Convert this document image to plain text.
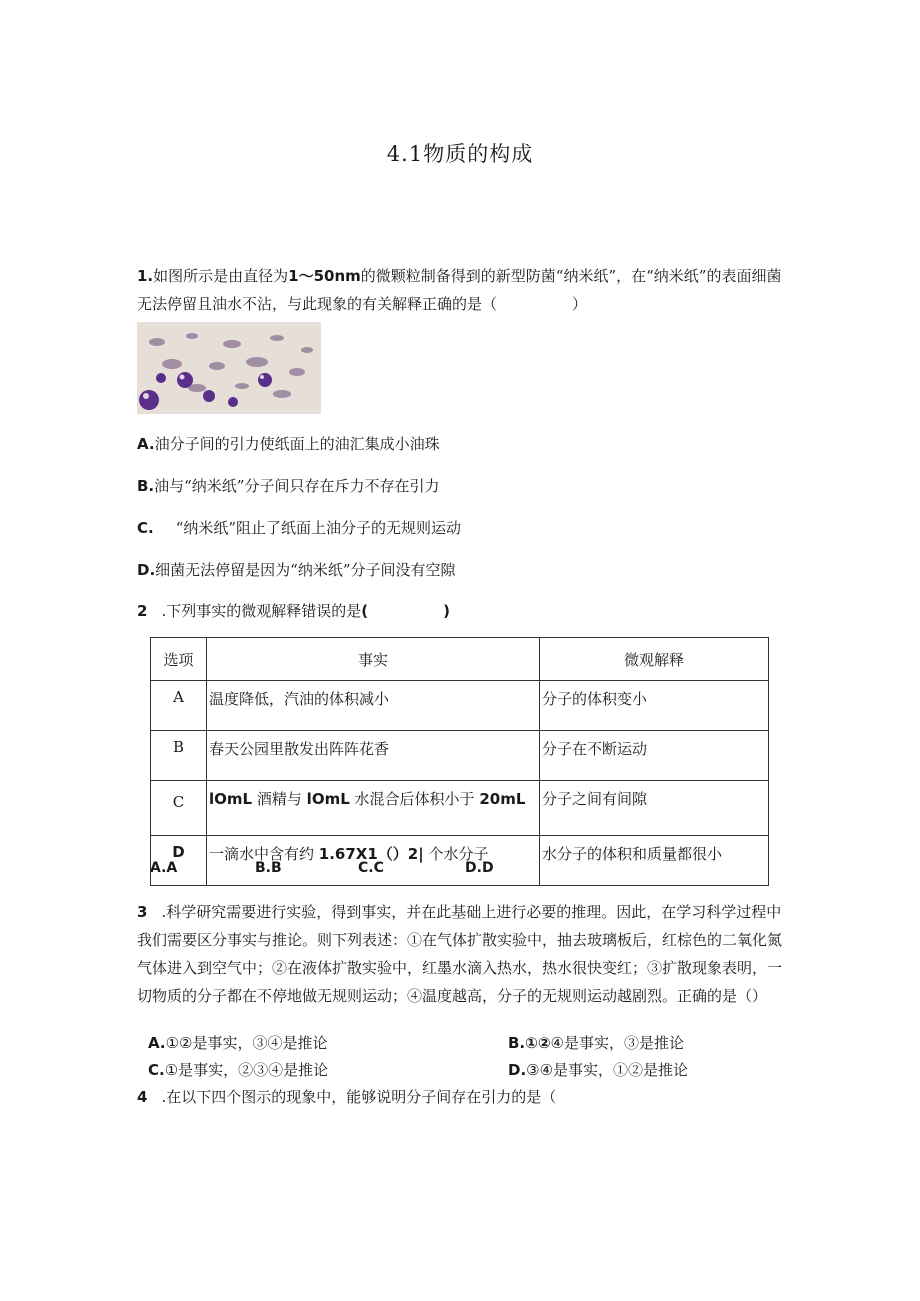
4.1物质的构成
1.如图所示是由直径为1〜50nm的微颗粒制备得到的新型防菌“纳米纸”，在“纳米纸”的表面细菌无法停留且油水不沾，与此现象的有关解释正确的是（　　　　　）
A.油分子间的引力使纸面上的油汇集成小油珠
B.油与“纳米纸”分子间只存在斥力不存在引力
C. “纳米纸”阻止了纸面上油分子的无规则运动
D.细菌无法停留是因为“纳米纸”分子间没有空隙
2 .下列事实的微观解释错误的是(　　　　　)
选项	事实	微观解释
A	温度降低，汽油的体积减小	分子的体积变小
B	春天公园里散发出阵阵花香	分子在不断运动
C	lOmL 酒精与 lOmL 水混合后体积小于 20mL	分子之间有间隙
D	一滴水中含有约 1.67X1（）2| 个水分子	水分子的体积和质量都很小
A.A	B.B	C.C	D.D
3 .科学研究需要进行实验，得到事实，并在此基础上进行必要的推理。因此，在学习科学过程中我们需要区分事实与推论。则下列表述：①在气体扩散实验中，抽去玻璃板后，红棕色的二氧化氮气体进入到空气中；②在液体扩散实验中，红墨水滴入热水，热水很快变红；③扩散现象表明，一切物质的分子都在不停地做无规则运动；④温度越高，分子的无规则运动越剧烈。正确的是（）
A.①②是事实，③④是推论	B.①②④是事实，③是推论
C.①是事实，②③④是推论	D.③④是事实，①②是推论
4 .在以下四个图示的现象中，能够说明分子间存在引力的是（
